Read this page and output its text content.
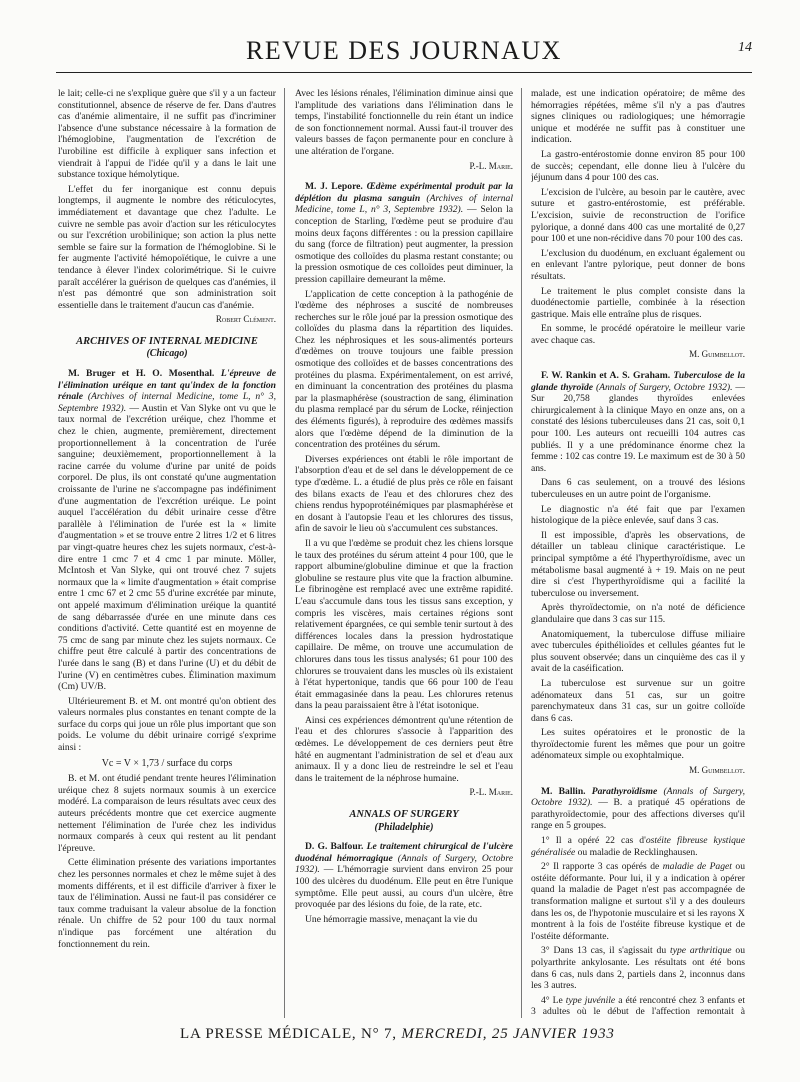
REVUE DES JOURNAUX	14

le lait; celle-ci ne s'explique guère que s'il y a un facteur constitutionnel, absence de réserve de fer. Dans d'autres cas d'anémie alimentaire, il ne suffit pas d'incriminer l'absence d'une substance nécessaire à la formation de l'hémoglobine, l'augmentation de l'excrétion de l'urobiline est difficile à expliquer sans infection et viendrait à l'appui de l'idée qu'il y a dans le lait une substance toxique hémolytique.

L'effet du fer inorganique est connu depuis longtemps, il augmente le nombre des réticulocytes, immédiatement et davantage que chez l'adulte. Le cuivre ne semble pas avoir d'action sur les réticulocytes ou sur l'excrétion urobilinique; son action la plus nette semble se faire sur la formation de l'hémoglobine. Si le fer augmente l'activité hémopoïétique, le cuivre a une tendance à élever l'index colorimétrique. Si le cuivre paraît accélérer la guérison de quelques cas d'anémies, il n'est pas démontré que son administration soit essentielle dans le traitement d'aucun cas d'anémie.

Robert Clément.
ARCHIVES OF INTERNAL MEDICINE
(Chicago)

M. Bruger et H. O. Mosenthal. L'épreuve de l'élimination uréique en tant qu'index de la fonction rénale (Archives of internal Medicine, tome L, n° 3, Septembre 1932). — Austin et Van Slyke ont vu que le taux normal de l'excrétion uréique, chez l'homme et chez le chien, augmente, premièrement, directement proportionnellement à la concentration de l'urée sanguine; deuxièmement, proportionnellement à la racine carrée du volume d'urine par unité de poids corporel. De plus, ils ont constaté qu'une augmentation croissante de l'urine ne s'accompagne pas indéfiniment d'une augmentation de l'excrétion uréique. Le point auquel l'accélération du débit urinaire cesse d'être parallèle à l'élimination de l'urée est la « limite d'augmentation » et se trouve entre 2 litres 1/2 et 6 litres par vingt-quatre heures chez les sujets normaux, c'est-à-dire entre 1 cmc 7 et 4 cmc 1 par minute. Möller, McIntosh et Van Slyke, qui ont trouvé chez 7 sujets normaux que la « limite d'augmentation » était comprise entre 1 cmc 67 et 2 cmc 55 d'urine excrétée par minute, ont appelé maximum d'élimination uréique la quantité de sang débarrassée d'urée en une minute dans ces conditions d'activité. Cette quantité est en moyenne de 75 cmc de sang par minute chez les sujets normaux. Ce chiffre peut être calculé à partir des concentrations de l'urée dans le sang (B) et dans l'urine (U) et du débit de l'urine (V) en centimètres cubes. Élimination maximum (Cm) UV/B.

Ultérieurement B. et M. ont montré qu'on obtient des valeurs normales plus constantes en tenant compte de la surface du corps qui joue un rôle plus important que son poids. Le volume du débit urinaire corrigé s'exprime ainsi :

Vc = V × 1,73 / surface du corps

B. et M. ont étudié pendant trente heures l'élimination uréique chez 8 sujets normaux soumis à un exercice modéré. La comparaison de leurs résultats avec ceux des auteurs précédents montre que cet exercice augmente nettement l'élimination de l'urée chez les individus normaux comparés à ceux qui restent au lit pendant l'épreuve.

Cette élimination présente des variations importantes chez les personnes normales et chez le même sujet à des moments différents, et il est difficile d'arriver à fixer le taux de l'élimination. Aussi ne faut-il pas considérer ce taux comme traduisant la valeur absolue de la fonction rénale. Un chiffre de 52 pour 100 du taux normal n'indique pas forcément une altération du fonctionnement du rein.

Avec les lésions rénales, l'élimination diminue ainsi que l'amplitude des variations dans l'élimination dans le temps, l'instabilité fonctionnelle du rein étant un indice de son fonctionnement normal. Aussi faut-il trouver des valeurs basses de façon permanente pour en conclure à une altération de l'organe.

P.-L. Marie.

M. J. Lepore. Œdème expérimental produit par la déplétion du plasma sanguin (Archives of internal Medicine, tome L, n° 3, Septembre 1932). — Selon la conception de Starling, l'œdème peut se produire d'au moins deux façons différentes : ou la pression capillaire du sang (force de filtration) peut augmenter, la pression osmotique des colloïdes du plasma restant constante; ou la pression osmotique de ces colloïdes peut diminuer, la pression capillaire demeurant la même.

L'application de cette conception à la pathogénie de l'œdème des néphroses a suscité de nombreuses recherches sur le rôle joué par la pression osmotique des colloïdes du plasma dans la répartition des liquides. Chez les néphrosiques et les sous-alimentés porteurs d'œdèmes on trouve toujours une faible pression osmotique des colloïdes et de basses concentrations des protéines du plasma. Expérimentalement, on est arrivé, en diminuant la concentration des protéines du plasma par la plasmaphérèse (soustraction de sang, élimination du plasma remplacé par du sérum de Locke, réinjection des éléments figurés), à reproduire des œdèmes massifs alors que l'œdème dépend de la diminution de la concentration des protéines du sérum.

Diverses expériences ont établi le rôle important de l'absorption d'eau et de sel dans le développement de ce type d'œdème. L. a étudié de plus près ce rôle en faisant des bilans exacts de l'eau et des chlorures chez des chiens rendus hypoprotéinémiques par plasmaphérèse et en dosant à l'autopsie l'eau et les chlorures des tissus, afin de savoir le lieu où s'accumulent ces substances.

Il a vu que l'œdème se produit chez les chiens lorsque le taux des protéines du sérum atteint 4 pour 100, que le rapport albumine/globuline diminue et que la fraction globuline se restaure plus vite que la fraction albumine. Le fibrinogène est remplacé avec une extrême rapidité. L'eau s'accumule dans tous les tissus sans exception, y compris les viscères, mais certaines régions sont relativement épargnées, ce qui semble tenir surtout à des différences locales dans la pression hydrostatique capillaire. De même, on trouve une accumulation de chlorures dans tous les tissus analysés; 61 pour 100 des chlorures se trouvaient dans les muscles où ils existaient à l'état hypertonique, tandis que 66 pour 100 de l'eau était emmagasinée dans la peau. Les chlorures retenus dans la peau paraissaient être à l'état isotonique.

Ainsi ces expériences démontrent qu'une rétention de l'eau et des chlorures s'associe à l'apparition des œdèmes. Le développement de ces derniers peut être hâté en augmentant l'administration de sel et d'eau aux animaux. Il y a donc lieu de restreindre le sel et l'eau dans le traitement de la néphrose humaine.

P.-L. Marie.
ANNALS OF SURGERY
(Philadelphie)

D. G. Balfour. Le traitement chirurgical de l'ulcère duodénal hémorragique (Annals of Surgery, Octobre 1932). — L'hémorragie survient dans environ 25 pour 100 des ulcères du duodénum. Elle peut en être l'unique symptôme. Elle peut aussi, au cours d'un ulcère, être provoquée par des lésions du foie, de la rate, etc.

Une hémorragie massive, menaçant la vie du

malade, est une indication opératoire; de même des hémorragies répétées, même s'il n'y a pas d'autres signes cliniques ou radiologiques; une hémorragie unique et modérée ne suffit pas à constituer une indication.

La gastro-entérostomie donne environ 85 pour 100 de succès; cependant, elle donne lieu à l'ulcère du jéjunum dans 4 pour 100 des cas.

L'excision de l'ulcère, au besoin par le cautère, avec suture et gastro-entérostomie, est préférable. L'excision, suivie de reconstruction de l'orifice pylorique, a donné dans 400 cas une mortalité de 0,27 pour 100 et une non-récidive dans 70 pour 100 des cas.

L'exclusion du duodénum, en excluant également ou en enlevant l'antre pylorique, peut donner de bons résultats.

Le traitement le plus complet consiste dans la duodénectomie partielle, combinée à la résection gastrique. Mais elle entraîne plus de risques.

En somme, le procédé opératoire le meilleur varie avec chaque cas.

M. Guimbellot.

F. W. Rankin et A. S. Graham. Tuberculose de la glande thyroïde (Annals of Surgery, Octobre 1932). — Sur 20,758 glandes thyroïdes enlevées chirurgicalement à la clinique Mayo en onze ans, on a constaté des lésions tuberculeuses dans 21 cas, soit 0,1 pour 100. Les auteurs ont recueilli 104 autres cas publiés. Il y a une prédominance énorme chez la femme : 102 cas contre 19. Le maximum est de 30 à 50 ans.

Dans 6 cas seulement, on a trouvé des lésions tuberculeuses en un autre point de l'organisme.

Le diagnostic n'a été fait que par l'examen histologique de la pièce enlevée, sauf dans 3 cas.

Il est impossible, d'après les observations, de détailler un tableau clinique caractéristique. Le principal symptôme a été l'hyperthyroïdisme, avec un métabolisme basal augmenté à + 19. Mais on ne peut dire si c'est l'hyperthyroïdisme qui a facilité la tuberculose ou inversement.

Après thyroïdectomie, on n'a noté de déficience glandulaire que dans 3 cas sur 115.

Anatomiquement, la tuberculose diffuse miliaire avec tubercules épithélioïdes et cellules géantes fut le plus souvent observée; dans un cinquième des cas il y avait de la caséification.

La tuberculose est survenue sur un goitre adénomateux dans 51 cas, sur un goitre parenchymateux dans 31 cas, sur un goitre colloïde dans 6 cas.

Les suites opératoires et le pronostic de la thyroïdectomie furent les mêmes que pour un goitre adénomateux simple ou exophtalmique.

M. Guimbellot.

M. Ballin. Parathyroïdisme (Annals of Surgery, Octobre 1932). — B. a pratiqué 45 opérations de parathyroïdectomie, pour des affections diverses qu'il range en 5 groupes.

1° Il a opéré 22 cas d'ostéite fibreuse kystique généralisée ou maladie de Recklinghausen.

2° Il rapporte 3 cas opérés de maladie de Paget ou ostéite déformante. Pour lui, il y a indication à opérer quand la maladie de Paget n'est pas accompagnée de transformation maligne et surtout s'il y a des douleurs dans les os, de l'hypotonie musculaire et si les rayons X montrent à la fois de l'ostéite fibreuse kystique et de l'ostéite déformante.

3° Dans 13 cas, il s'agissait du type arthritique ou polyarthrite ankylosante. Les résultats ont été bons dans 6 cas, nuls dans 2, partiels dans 2, inconnus dans les 3 autres.

4° Le type juvénile a été rencontré chez 3 enfants et 3 adultes où le début de l'affection remontait à

LA PRESSE MÉDICALE, N° 7, MERCREDI, 25 JANVIER 1933
